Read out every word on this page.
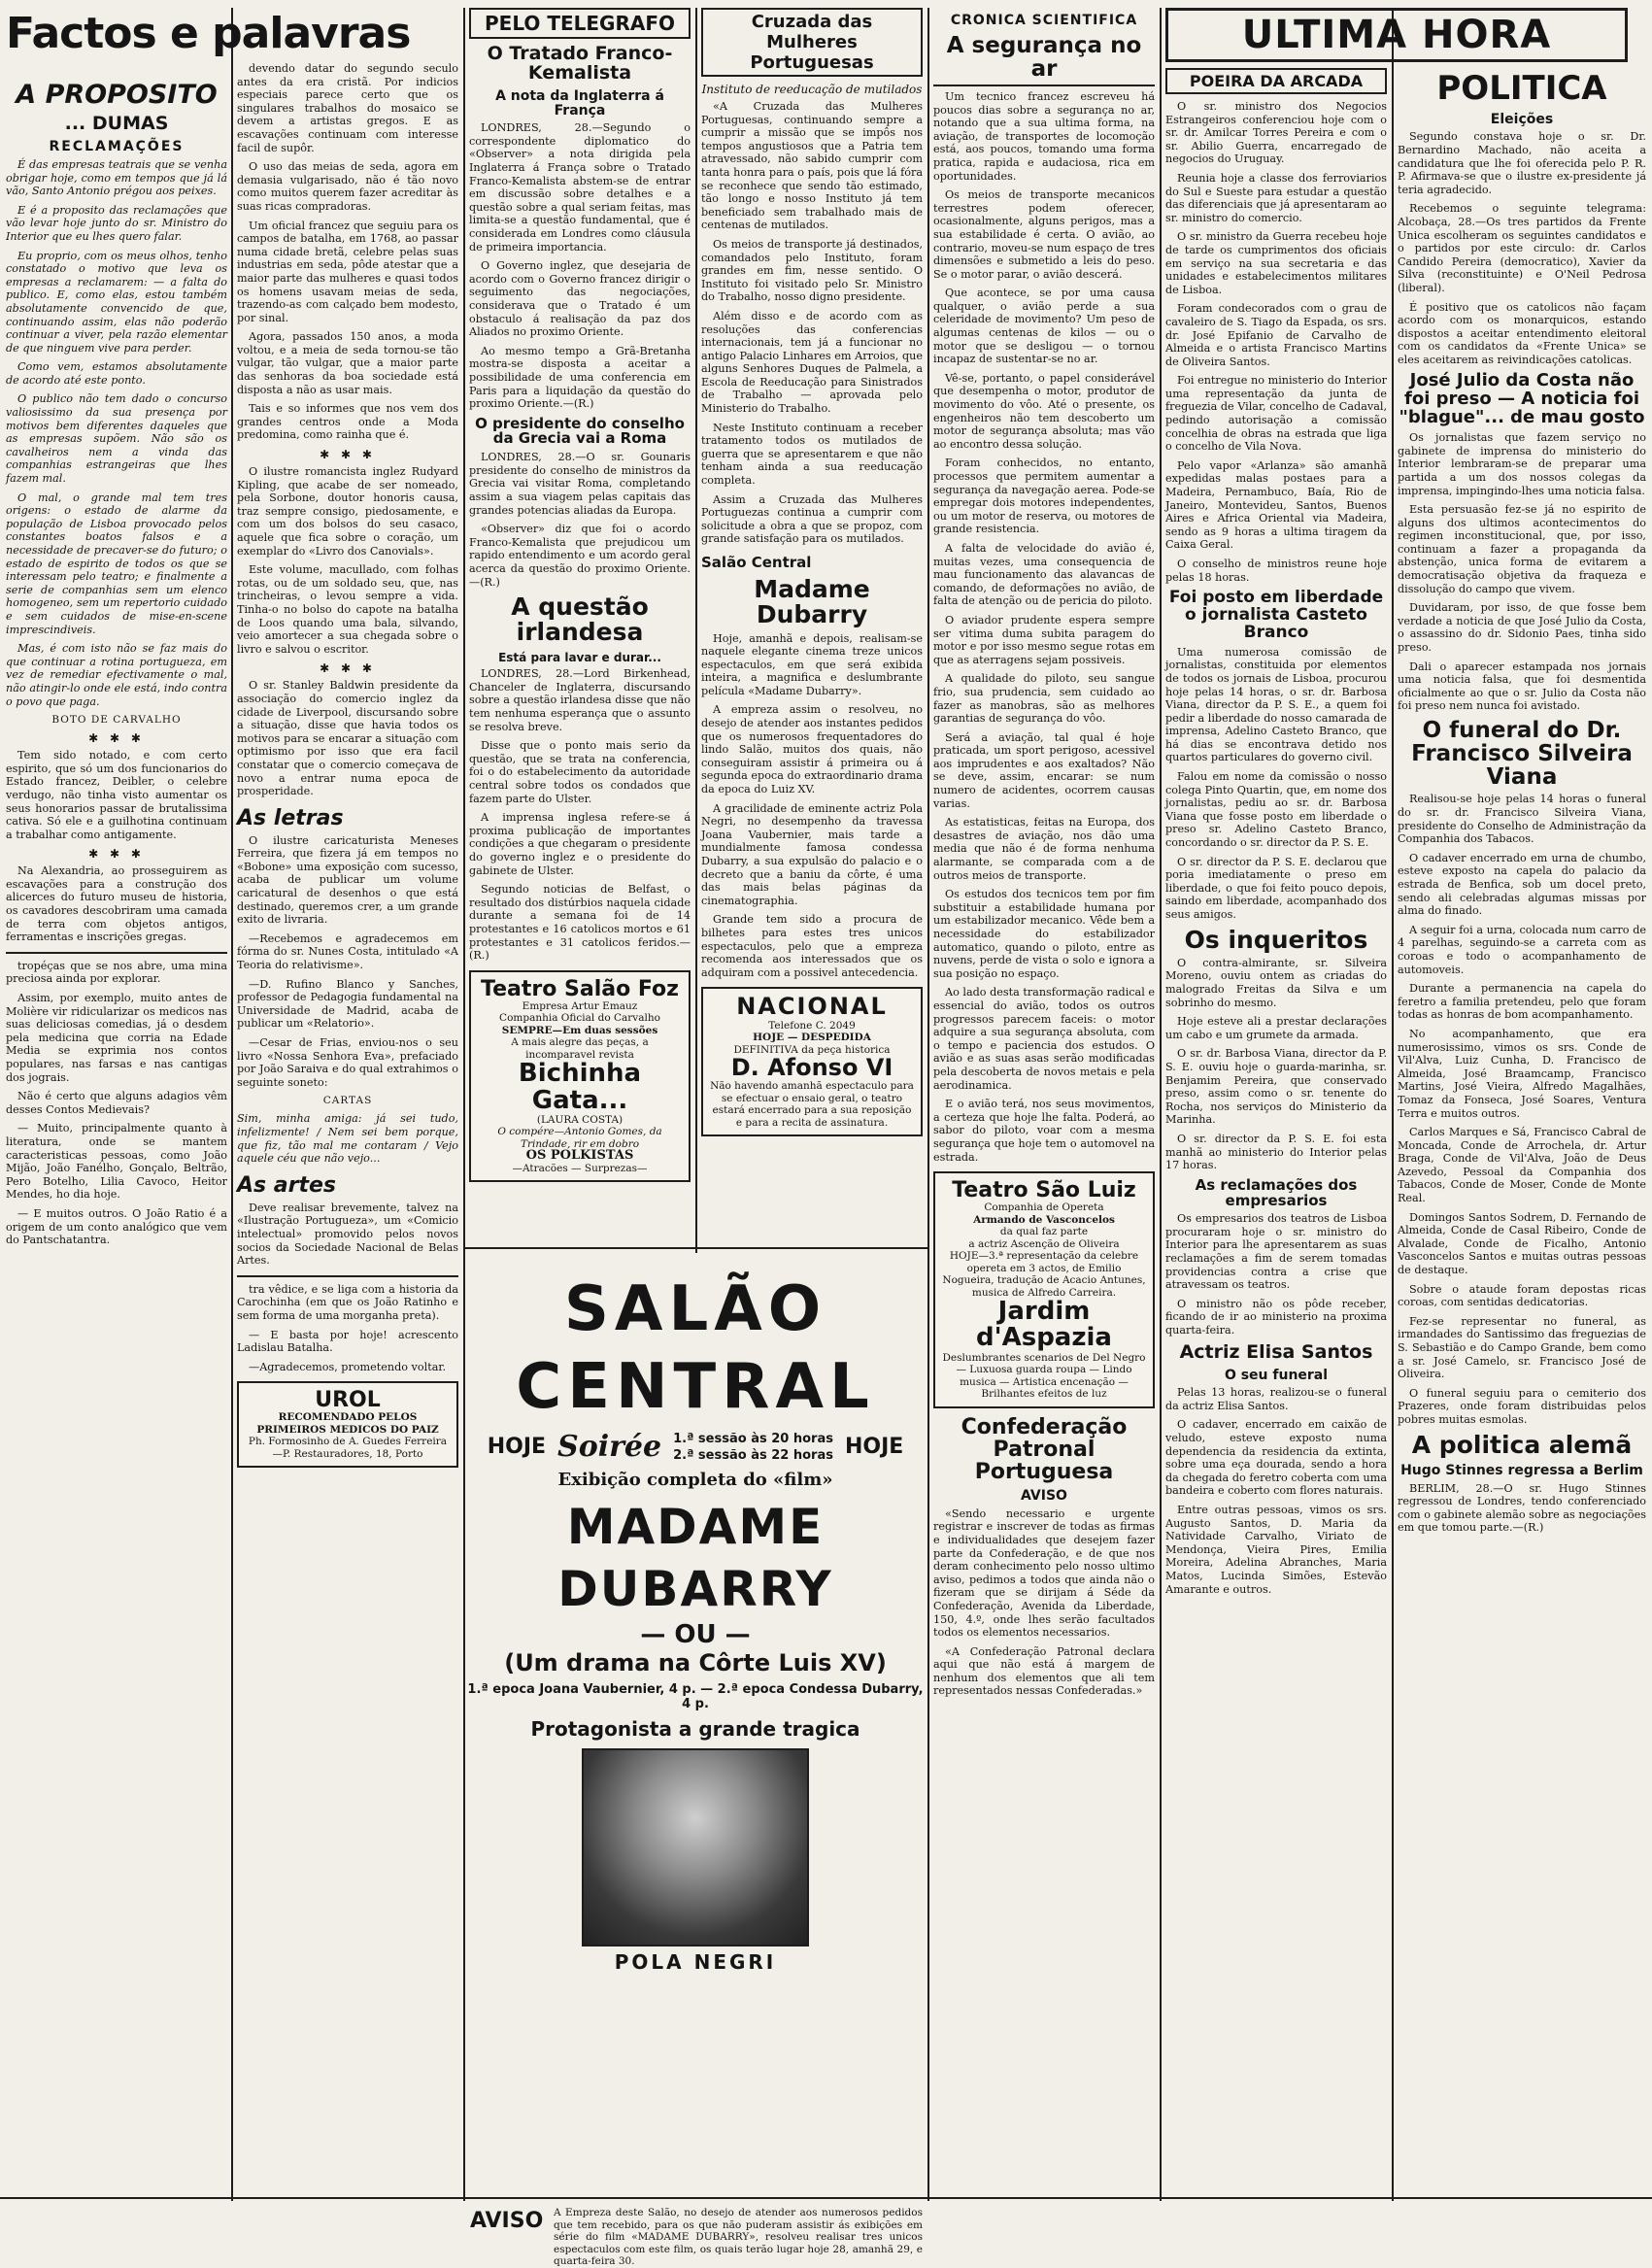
Factos e palavras
A PROPOSITO
... DUMAS
RECLAMAÇÕES

É das empresas teatrais que se venha obrigar hoje, como em tempos que já lá vão, Santo Antonio prégou aos peixes.

E é a proposito das reclamações que vão levar hoje junto do sr. Ministro do Interior que eu lhes quero falar.

Eu proprio, com os meus olhos, tenho constatado o motivo que leva os empresas a reclamarem: — a falta do publico. E, como elas, estou também absolutamente convencido de que, continuando assim, elas não poderão continuar a viver, pela razão elementar de que ninguem vive para perder.

Como vem, estamos absolutamente de acordo até este ponto.

O publico não tem dado o concurso valiosissimo da sua presença por motivos bem diferentes daqueles que as empresas supõem. Não são os cavalheiros nem a vinda das companhias estrangeiras que lhes fazem mal.

O mal, o grande mal tem tres origens: o estado de alarme da população de Lisboa provocado pelos constantes boatos falsos e a necessidade de precaver-se do futuro; o estado de espirito de todos os que se interessam pelo teatro; e finalmente a serie de companhias sem um elenco homogeneo, sem um repertorio cuidado e sem cuidados de mise-en-scene imprescindiveis.

Mas, é com isto não se faz mais do que continuar a rotina portugueza, em vez de remediar efectivamente o mal, não atingir-lo onde ele está, indo contra o povo que paga.

BOTO DE CARVALHO
✱ ✱ ✱

Tem sido notado, e com certo espirito, que só um dos funcionarios do Estado francez, Deibler, o celebre verdugo, não tinha visto aumentar os seus honorarios passar de brutalissima cativa. Só ele e a guilhotina continuam a trabalhar como antigamente.

✱ ✱ ✱

Na Alexandria, ao prosseguirem as escavações para a construção dos alicerces do futuro museu de historia, os cavadores descobriram uma camada de terra com objetos antigos, ferramentas e inscrições gregas.

tropéças que se nos abre, uma mina preciosa ainda por explorar.

Assim, por exemplo, muito antes de Molière vir ridicularizar os medicos nas suas deliciosas comedias, já o desdem pela medicina que corria na Edade Media se exprimia nos contos populares, nas farsas e nas cantigas dos jograis.

Não é certo que alguns adagios vêm desses Contos Medievais?

— Muito, principalmente quanto à literatura, onde se mantem caracteristicas pessoas, como João Mijão, João Fanélho, Gonçalo, Beltrão, Pero Botelho, Lilia Cavoco, Heitor Mendes, ho dia hoje.

— E muitos outros. O João Ratio é a origem de um conto analógico que vem do Pantschatantra.

devendo datar do segundo seculo antes da era cristã. Por indicios especiais parece certo que os singulares trabalhos do mosaico se devem a artistas gregos. E as escavações continuam com interesse facil de supôr.

O uso das meias de seda, agora em demasia vulgarisado, não é tão novo como muitos querem fazer acreditar às suas ricas compradoras.

Um oficial francez que seguiu para os campos de batalha, em 1768, ao passar numa cidade bretã, celebre pelas suas industrias em seda, pôde atestar que a maior parte das mulheres e quasi todos os homens usavam meias de seda, trazendo-as com calçado bem modesto, por sinal.

Agora, passados 150 anos, a moda voltou, e a meia de seda tornou-se tão vulgar, tão vulgar, que a maior parte das senhoras da boa sociedade está disposta a não as usar mais.

Tais e so informes que nos vem dos grandes centros onde a Moda predomina, como rainha que é.

✱ ✱ ✱

O ilustre romancista inglez Rudyard Kipling, que acabe de ser nomeado, pela Sorbone, doutor honoris causa, traz sempre consigo, piedosamente, e com um dos bolsos do seu casaco, aquele que fica sobre o coração, um exemplar do «Livro dos Canovials».

Este volume, macullado, com folhas rotas, ou de um soldado seu, que, nas trincheiras, o levou sempre a vida. Tinha-o no bolso do capote na batalha de Loos quando uma bala, silvando, veio amortecer a sua chegada sobre o livro e salvou o escritor.

✱ ✱ ✱

O sr. Stanley Baldwin presidente da associação do comercio inglez da cidade de Liverpool, discursando sobre a situação, disse que havia todos os motivos para se encarar a situação com optimismo por isso que era facil constatar que o comercio começava de novo a entrar numa epoca de prosperidade.

As letras

O ilustre caricaturista Meneses Ferreira, que fizera já em tempos no «Bobone» uma exposição com sucesso, acaba de publicar um volume caricatural de desenhos o que está destinado, queremos crer, a um grande exito de livraria.

—Recebemos e agradecemos em fórma do sr. Nunes Costa, intitulado «A Teoria do relativisme».

—D. Rufino Blanco y Sanches, professor de Pedagogia fundamental na Universidade de Madrid, acaba de publicar um «Relatorio».

—Cesar de Frias, enviou-nos o seu livro «Nossa Senhora Eva», prefaciado por João Saraiva e do qual extrahimos o seguinte soneto:

CARTAS

Sim, minha amiga: já sei tudo, infelizmente! / Nem sei bem porque, que fiz, tão mal me contaram / Vejo aquele céu que não vejo...

As artes

Deve realisar brevemente, talvez na «Ilustração Portugueza», um «Comicio intelectual» promovido pelos novos socios da Sociedade Nacional de Belas Artes.

tra vêdice, e se liga com a historia da Carochinha (em que os João Ratinho e sem forma de uma morganha preta).

— E basta por hoje! acrescento Ladislau Batalha.

—Agradecemos, prometendo voltar.

UROL
RECOMENDADO PELOS PRIMEIROS MEDICOS DO PAIZ
Ph. Formosinho de A. Guedes Ferreira—P. Restauradores, 18, Porto
PELO TELEGRAFO
O Tratado Franco-Kemalista
A nota da Inglaterra á França

LONDRES, 28.—Segundo o correspondente diplomatico do «Observer» a nota dirigida pela Inglaterra á França sobre o Tratado Franco-Kemalista abstem-se de entrar em discussão sobre detalhes e a questão sobre a qual seriam feitas, mas limita-se a questão fundamental, que é considerada em Londres como cláusula de primeira importancia.

O Governo inglez, que desejaria de acordo com o Governo francez dirigir o seguimento das negociações, considerava que o Tratado é um obstaculo á realisação da paz dos Aliados no proximo Oriente.

Ao mesmo tempo a Grã-Bretanha mostra-se disposta a aceitar a possibilidade de uma conferencia em Paris para a liquidação da questão do proximo Oriente.—(R.)

O presidente do conselho da Grecia vai a Roma

LONDRES, 28.—O sr. Gounaris presidente do conselho de ministros da Grecia vai visitar Roma, completando assim a sua viagem pelas capitais das grandes potencias aliadas da Europa.

«Observer» diz que foi o acordo Franco-Kemalista que prejudicou um rapido entendimento e um acordo geral acerca da questão do proximo Oriente.—(R.)

A questão irlandesa
Está para lavar e durar...

LONDRES, 28.—Lord Birkenhead, Chanceler de Inglaterra, discursando sobre a questão irlandesa disse que não tem nenhuma esperança que o assunto se resolva breve.

Disse que o ponto mais serio da questão, que se trata na conferencia, foi o do estabelecimento da autoridade central sobre todos os condados que fazem parte do Ulster.

A imprensa inglesa refere-se á proxima publicação de importantes condições a que chegaram o presidente do governo inglez e o presidente do gabinete de Ulster.

Segundo noticias de Belfast, o resultado dos distúrbios naquela cidade durante a semana foi de 14 protestantes e 16 catolicos mortos e 61 protestantes e 31 catolicos feridos.—(R.)

Teatro Salão Foz
Empresa Artur Emauz
Companhia Oficial do Carvalho
SEMPRE—Em duas sessões
A mais alegre das peças, a incomparavel revista
Bichinha Gata...
(LAURA COSTA)
O compére—Antonio Gomes, da Trindade, rir em dobro
OS POLKISTAS
—Atracões — Surprezas—
Cruzada das Mulheres Portuguesas
Instituto de reeducação de mutilados

«A Cruzada das Mulheres Portuguesas, continuando sempre a cumprir a missão que se impôs nos tempos angustiosos que a Patria tem atravessado, não sabido cumprir com tanta honra para o país, pois que lá fóra se reconhece que sendo tão estimado, tão longo e nosso Instituto já tem beneficiado sem trabalhado mais de centenas de mutilados.

Os meios de transporte já destinados, comandados pelo Instituto, foram grandes em fim, nesse sentido. O Instituto foi visitado pelo Sr. Ministro do Trabalho, nosso digno presidente.

Além disso e de acordo com as resoluções das conferencias internacionais, tem já a funcionar no antigo Palacio Linhares em Arroios, que alguns Senhores Duques de Palmela, a Escola de Reeducação para Sinistrados de Trabalho — aprovada pelo Ministerio do Trabalho.

Neste Instituto continuam a receber tratamento todos os mutilados de guerra que se apresentarem e que não tenham ainda a sua reeducação completa.

Assim a Cruzada das Mulheres Portuguezas continua a cumprir com solicitude a obra a que se propoz, com grande satisfação para os mutilados.

Salão Central
Madame Dubarry

Hoje, amanhã e depois, realisam-se naquele elegante cinema treze unicos espectaculos, em que será exibida inteira, a magnifica e deslumbrante película «Madame Dubarry».

A empreza assim o resolveu, no desejo de atender aos instantes pedidos que os numerosos frequentadores do lindo Salão, muitos dos quais, não conseguiram assistir á primeira ou á segunda epoca do extraordinario drama da epoca do Luiz XV.

A gracilidade de eminente actriz Pola Negri, no desempenho da travessa Joana Vaubernier, mais tarde a mundialmente famosa condessa Dubarry, a sua expulsão do palacio e o decreto que a baniu da côrte, é uma das mais belas páginas da cinematographia.

Grande tem sido a procura de bilhetes para estes tres unicos espectaculos, pelo que a empreza recomenda aos interessados que os adquiram com a possivel antecedencia.

NACIONAL
Telefone C. 2049
HOJE — DESPEDIDA
DEFINITIVA da peça historica
D. Afonso VI
Não havendo amanhã espectaculo para se efectuar o ensaio geral, o teatro estará encerrado para a sua reposição e para a recita de assinatura.
SALÃO CENTRAL
HOJE Soirée 1.ª sessão às 20 horas
2.ª sessão às 22 horas HOJE
Exibição completa do «film»
MADAME DUBARRY
— OU —
(Um drama na Côrte Luis XV)
1.ª epoca Joana Vaubernier, 4 p. — 2.ª epoca Condessa Dubarry, 4 p.
Protagonista a grande tragica
POLA NEGRI
CRONICA SCIENTIFICA
A segurança no ar

Um tecnico francez escreveu há poucos dias sobre a segurança no ar, notando que a sua ultima forma, na aviação, de transportes de locomoção está, aos poucos, tomando uma forma pratica, rapida e audaciosa, rica em oportunidades.

Os meios de transporte mecanicos terrestres podem oferecer, ocasionalmente, alguns perigos, mas a sua estabilidade é certa. O avião, ao contrario, moveu-se num espaço de tres dimensões e submetido a leis do peso. Se o motor parar, o avião descerá.

Que acontece, se por uma causa qualquer, o avião perde a sua celeridade de movimento? Um peso de algumas centenas de kilos — ou o motor que se desligou — o tornou incapaz de sustentar-se no ar.

Vê-se, portanto, o papel considerável que desempenha o motor, produtor de movimento do vôo. Até o presente, os engenheiros não tem descoberto um motor de segurança absoluta; mas vão ao encontro dessa solução.

Foram conhecidos, no entanto, processos que permitem aumentar a segurança da navegação aerea. Pode-se empregar dois motores independentes, ou um motor de reserva, ou motores de grande resistencia.

A falta de velocidade do avião é, muitas vezes, uma consequencia de mau funcionamento das alavancas de comando, de deformações no avião, de falta de atenção ou de pericia do piloto.

O aviador prudente espera sempre ser vitima duma subita paragem do motor e por isso mesmo segue rotas em que as aterragens sejam possiveis.

A qualidade do piloto, seu sangue frio, sua prudencia, sem cuidado ao fazer as manobras, são as melhores garantias de segurança do vôo.

Será a aviação, tal qual é hoje praticada, um sport perigoso, acessivel aos imprudentes e aos exaltados? Não se deve, assim, encarar: se num numero de acidentes, ocorrem causas varias.

As estatisticas, feitas na Europa, dos desastres de aviação, nos dão uma media que não é de forma nenhuma alarmante, se comparada com a de outros meios de transporte.

Os estudos dos tecnicos tem por fim substituir a estabilidade humana por um estabilizador mecanico. Vêde bem a necessidade do estabilizador automatico, quando o piloto, entre as nuvens, perde de vista o solo e ignora a sua posição no espaço.

Ao lado desta transformação radical e essencial do avião, todos os outros progressos parecem faceis: o motor adquire a sua segurança absoluta, com o tempo e paciencia dos estudos. O avião e as suas asas serão modificadas pela descoberta de novos metais e pela aerodinamica.

E o avião terá, nos seus movimentos, a certeza que hoje lhe falta. Poderá, ao sabor do piloto, voar com a mesma segurança que hoje tem o automovel na estrada.

Teatro São Luiz
Companhia de Opereta
Armando de Vasconcelos
da qual faz parte
a actriz Ascenção de Oliveira
HOJE—3.ª representação da celebre opereta em 3 actos, de Emilio Nogueira, tradução de Acacio Antunes, musica de Alfredo Carreira.
Jardim d'Aspazia
Deslumbrantes scenarios de Del Negro — Luxuosa guarda roupa — Lindo musica — Artistica encenação — Brilhantes efeitos de luz
Confederação Patronal Portuguesa
AVISO

«Sendo necessario e urgente registrar e inscrever de todas as firmas e individualidades que desejem fazer parte da Confederação, e de que nos deram conhecimento pelo nosso ultimo aviso, pedimos a todos que ainda não o fizeram que se dirijam á Séde da Confederação, Avenida da Liberdade, 150, 4.º, onde lhes serão facultados todos os elementos necessarios.

«A Confederação Patronal declara aqui que não está á margem de nenhum dos elementos que ali tem representados nessas Confederadas.»

ULTIMA HORA
POEIRA DA ARCADA

O sr. ministro dos Negocios Estrangeiros conferenciou hoje com o sr. dr. Amilcar Torres Pereira e com o sr. Abilio Guerra, encarregado de negocios do Uruguay.

Reunia hoje a classe dos ferroviarios do Sul e Sueste para estudar a questão das diferenciais que já apresentaram ao sr. ministro do comercio.

O sr. ministro da Guerra recebeu hoje de tarde os cumprimentos dos oficiais em serviço na sua secretaria e das unidades e estabelecimentos militares de Lisboa.

Foram condecorados com o grau de cavaleiro de S. Tiago da Espada, os srs. dr. José Epifanio de Carvalho de Almeida e o artista Francisco Martins de Oliveira Santos.

Foi entregue no ministerio do Interior uma representação da junta de freguezia de Vilar, concelho de Cadaval, pedindo autorisação a comissão concelhia de obras na estrada que liga o concelho de Vila Nova.

Pelo vapor «Arlanza» são amanhã expedidas malas postaes para a Madeira, Pernambuco, Baía, Rio de Janeiro, Montevideu, Santos, Buenos Aires e Africa Oriental via Madeira, sendo as 9 horas a ultima tiragem da Caixa Geral.

O conselho de ministros reune hoje pelas 18 horas.

Foi posto em liberdade o jornalista Casteto Branco

Uma numerosa comissão de jornalistas, constituida por elementos de todos os jornais de Lisboa, procurou hoje pelas 14 horas, o sr. dr. Barbosa Viana, director da P. S. E., a quem foi pedir a liberdade do nosso camarada de imprensa, Adelino Casteto Branco, que há dias se encontrava detido nos quartos particulares do governo civil.

Falou em nome da comissão o nosso colega Pinto Quartin, que, em nome dos jornalistas, pediu ao sr. dr. Barbosa Viana que fosse posto em liberdade o preso sr. Adelino Casteto Branco, concordando o sr. director da P. S. E.

O sr. director da P. S. E. declarou que poria imediatamente o preso em liberdade, o que foi feito pouco depois, saindo em liberdade, acompanhado dos seus amigos.

Os inqueritos

O contra-almirante, sr. Silveira Moreno, ouviu ontem as criadas do malogrado Freitas da Silva e um sobrinho do mesmo.

Hoje esteve ali a prestar declarações um cabo e um grumete da armada.

O sr. dr. Barbosa Viana, director da P. S. E. ouviu hoje o guarda-marinha, sr. Benjamim Pereira, que conservado preso, assim como o sr. tenente do Rocha, nos serviços do Ministerio da Marinha.

O sr. director da P. S. E. foi esta manhã ao ministerio do Interior pelas 17 horas.

As reclamações dos empresarios

Os empresarios dos teatros de Lisboa procuraram hoje o sr. ministro do Interior para lhe apresentarem as suas reclamações a fim de serem tomadas providencias contra a crise que atravessam os teatros.

O ministro não os pôde receber, ficando de ir ao ministerio na proxima quarta-feira.

Actriz Elisa Santos
O seu funeral

Pelas 13 horas, realizou-se o funeral da actriz Elisa Santos.

O cadaver, encerrado em caixão de veludo, esteve exposto numa dependencia da residencia da extinta, sobre uma eça dourada, sendo a hora da chegada do feretro coberta com uma bandeira e coberto com flores naturais.

Entre outras pessoas, vimos os srs. Augusto Santos, D. Maria da Natividade Carvalho, Viriato de Mendonça, Vieira Pires, Emilia Moreira, Adelina Abranches, Maria Matos, Lucinda Simões, Estevão Amarante e outros.

POLITICA
Eleições

Segundo constava hoje o sr. Dr. Bernardino Machado, não aceita a candidatura que lhe foi oferecida pelo P. R. P. Afirmava-se que o ilustre ex-presidente já teria agradecido.

Recebemos o seguinte telegrama: Alcobaça, 28.—Os tres partidos da Frente Unica escolheram os seguintes candidatos e o partidos por este circulo: dr. Carlos Candido Pereira (democratico), Xavier da Silva (reconstituinte) e O'Neil Pedrosa (liberal).

É positivo que os catolicos não façam acordo com os monarquicos, estando dispostos a aceitar entendimento eleitoral com os candidatos da «Frente Unica» se eles aceitarem as reivindicações catolicas.

José Julio da Costa não foi preso — A noticia foi "blague"... de mau gosto

Os jornalistas que fazem serviço no gabinete de imprensa do ministerio do Interior lembraram-se de preparar uma partida a um dos nossos colegas da imprensa, impingindo-lhes uma noticia falsa.

Esta persuasão fez-se já no espirito de alguns dos ultimos acontecimentos do regimen inconstitucional, que, por isso, continuam a fazer a propaganda da abstenção, unica forma de evitarem a democratisação objetiva da fraqueza e dissolução do campo que vivem.

Duvidaram, por isso, de que fosse bem verdade a noticia de que José Julio da Costa, o assassino do dr. Sidonio Paes, tinha sido preso.

Dali o aparecer estampada nos jornais uma noticia falsa, que foi desmentida oficialmente ao que o sr. Julio da Costa não foi preso nem nunca foi avistado.

O funeral do Dr. Francisco Silveira Viana

Realisou-se hoje pelas 14 horas o funeral do sr. dr. Francisco Silveira Viana, presidente do Conselho de Administração da Companhia dos Tabacos.

O cadaver encerrado em urna de chumbo, esteve exposto na capela do palacio da estrada de Benfica, sob um docel preto, sendo ali celebradas algumas missas por alma do finado.

A seguir foi a urna, colocada num carro de 4 parelhas, seguindo-se a carreta com as coroas e todo o acompanhamento de automoveis.

Durante a permanencia na capela do feretro a familia pretendeu, pelo que foram todas as honras de bom acompanhamento.

No acompanhamento, que era numerosissimo, vimos os srs. Conde de Vil'Alva, Luiz Cunha, D. Francisco de Almeida, José Braamcamp, Francisco Martins, José Vieira, Alfredo Magalhães, Tomaz da Fonseca, José Soares, Ventura Terra e muitos outros.

Carlos Marques e Sá, Francisco Cabral de Moncada, Conde de Arrochela, dr. Artur Braga, Conde de Vil'Alva, João de Deus Azevedo, Pessoal da Companhia dos Tabacos, Conde de Moser, Conde de Monte Real.

Domingos Santos Sodrem, D. Fernando de Almeida, Conde de Casal Ribeiro, Conde de Alvalade, Conde de Ficalho, Antonio Vasconcelos Santos e muitas outras pessoas de destaque.

Sobre o ataude foram depostas ricas coroas, com sentidas dedicatorias.

Fez-se representar no funeral, as irmandades do Santissimo das freguezias de S. Sebastião e do Campo Grande, bem como a sr. José Camelo, sr. Francisco José de Oliveira.

O funeral seguiu para o cemiterio dos Prazeres, onde foram distribuidas pelos pobres muitas esmolas.

A politica alemã
Hugo Stinnes regressa a Berlim

BERLIM, 28.—O sr. Hugo Stinnes regressou de Londres, tendo conferenciado com o gabinete alemão sobre as negociações em que tomou parte.—(R.)

AVISO A Empreza deste Salão, no desejo de atender aos numerosos pedidos que tem recebido, para os que não puderam assistir ás exibições em série do film «MADAME DUBARRY», resolveu realisar tres unicos espectaculos com este film, os quais terão lugar hoje 28, amanhã 29, e quarta-feira 30.
